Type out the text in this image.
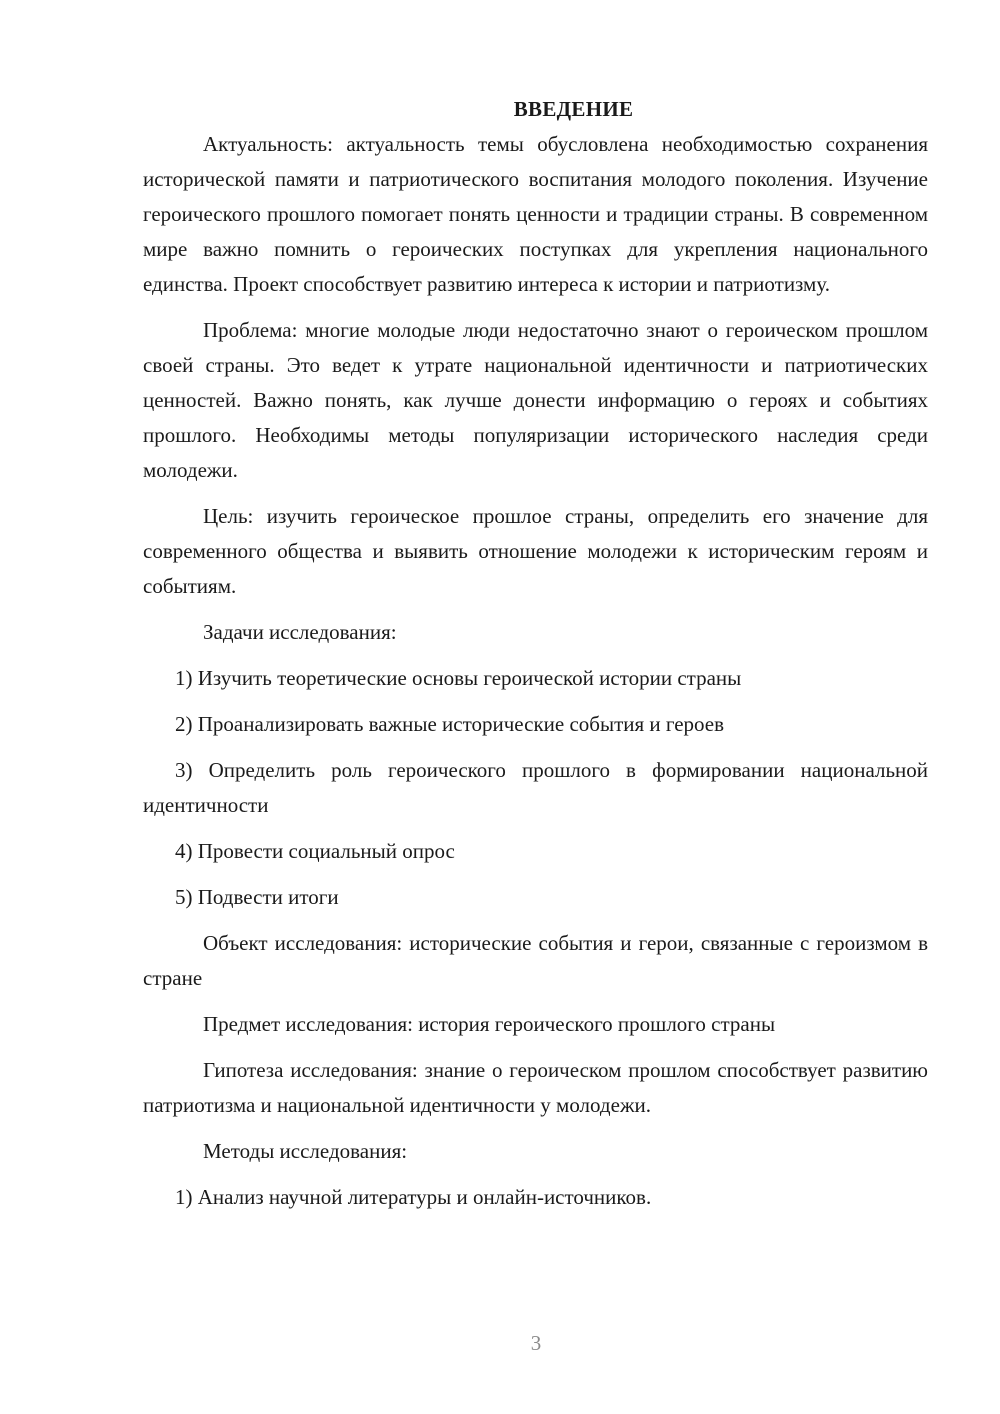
ВВЕДЕНИЕ

Актуальность: актуальность темы обусловлена необходимостью сохранения исторической памяти и патриотического воспитания молодого поколения. Изучение героического прошлого помогает понять ценности и традиции страны. В современном мире важно помнить о героических поступках для укрепления национального единства. Проект способствует развитию интереса к истории и патриотизму.

Проблема: многие молодые люди недостаточно знают о героическом прошлом своей страны. Это ведет к утрате национальной идентичности и патриотических ценностей. Важно понять, как лучше донести информацию о героях и событиях прошлого. Необходимы методы популяризации исторического наследия среди молодежи.

Цель: изучить героическое прошлое страны, определить его значение для современного общества и выявить отношение молодежи к историческим героям и событиям.

Задачи исследования:

1) Изучить теоретические основы героической истории страны

2) Проанализировать важные исторические события и героев

3) Определить роль героического прошлого в формировании национальной идентичности

4) Провести социальный опрос

5) Подвести итоги

Объект исследования: исторические события и герои, связанные с героизмом в стране

Предмет исследования: история героического прошлого страны

Гипотеза исследования: знание о героическом прошлом способствует развитию патриотизма и национальной идентичности у молодежи.

Методы исследования:

1) Анализ научной литературы и онлайн-источников.

3
